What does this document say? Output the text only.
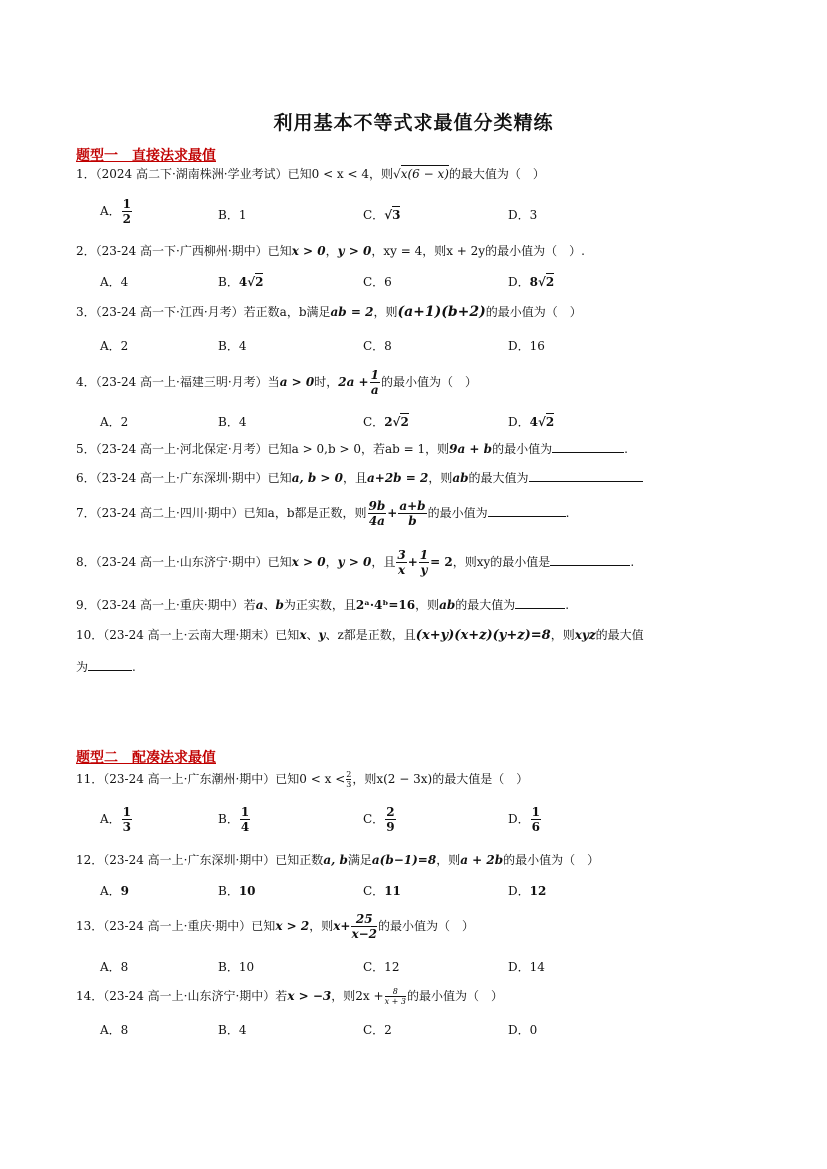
利用基本不等式求最值分类精练
题型一　直接法求最值
1．（2024 高二下·湖南株洲·学业考试）已知0 < x < 4，则√x(6 − x)的最大值为（　）
A． $\frac{1}{2}$	B．1	C．√3	D．3
2．（23-24 高一下·广西柳州·期中）已知x > 0，y > 0，xy = 4，则x + 2y的最小值为（　）.
A．4	B．4√2	C．6	D．8√2
3．（23-24 高一下·江西·月考）若正数a，b满足ab = 2，则(a+1)(b+2)的最小值为（　）
A．2	B．4	C．8	D．16
4．（23-24 高一上·福建三明·月考）当a > 0时，$2a + \frac{1}{a}$ 的最小值为（　）
A．2	B．4	C．2√2	D．4√2
5．（23-24 高一上·河北保定·月考）已知a > 0,b > 0，若ab = 1，则9a + b的最小值为	.
6．（23-24 高一上·广东深圳·期中）已知a, b > 0，且a+2b = 2，则ab的最大值为
7．（23-24 高二上·四川·期中）已知a，b都是正数，则 $\frac{9b}{4a} + \frac{a+b}{b}$ 的最小值为	.
8．（23-24 高一上·山东济宁·期中）已知x > 0，y > 0，且 $\frac{3}{x} + \frac{1}{y} = 2$，则xy的最小值是	.
9．（23-24 高一上·重庆·期中）若a、b为正实数，且2ᵃ·4ᵇ=16，则ab的最大值为	.
10．（23-24 高一上·云南大理·期末）已知x、y、z都是正数，且(x+y)(x+z)(y+z)=8，则xyz的最大值
为	.
题型二　配凑法求最值
11．（23-24 高一上·广东潮州·期中）已知$0 < x < \frac{2}{3}$ ，则x(2 − 3x)的最大值是（　）
A． $\frac{1}{3}$	B． $\frac{1}{4}$	C． $\frac{2}{9}$	D． $\frac{1}{6}$
12．（23-24 高一上·广东深圳·期中）已知正数a, b满足a(b−1)=8，则a + 2b的最小值为（　）
A．9	B．10	C．11	D．12
13．（23-24 高一上·重庆·期中）已知x > 2，则$x+ \frac{25}{x-2}$ 的最小值为（　）
A．8	B．10	C．12	D．14
14．（23-24 高一上·山东济宁·期中）若x > −3，则$2x + \frac{8}{x + 3}$ 的最小值为（　）
A．8	B．4	C．2	D．0
